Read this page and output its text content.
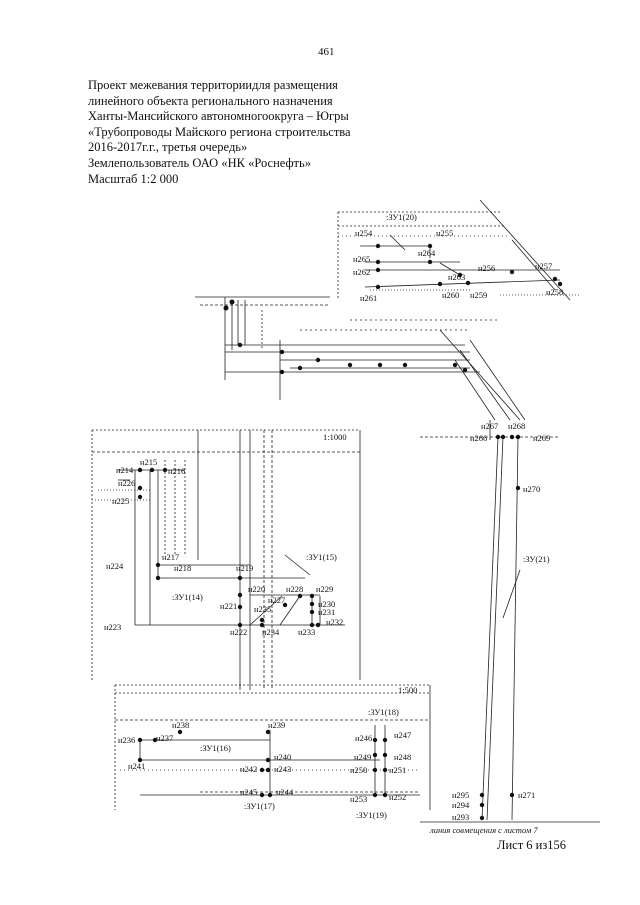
461
Проект межевания территориидля размещения
линейного объекта регионального назначения
Ханты-Мансийского автономногоокруга – Югры
«Трубопроводы Майского региона строительства
2016-2017г.г., третья очередь»
Землепользователь ОАО «НК «Роснефть»
Масштаб 1:2 000
:ЗУ1(20)
н254	н255
н264
н265
н262	н263
н256	н257
н258
н261	н260 н259
н267 н268
н266	н269
н270
:ЗУ(21)
н271
н295
н294
н293
1:1000
н215
н214	н216
н226
н225
н224
н217
н218	н219
:ЗУ1(15)
н220 н228 н229
:ЗУ1(14)	н227	н230
н221 н235	н231
н232
н223	н222 н234 н233
1:500
:ЗУ1(18)
н238	н239
н236 н237
:ЗУ1(16)
н246	н247
н240	н249	н248
н241	н242 н243	н250	н251
н245 н244
н253	н252
:ЗУ1(17)
:ЗУ1(19)
линия совмещения с листом 7
Лист 6 из156
